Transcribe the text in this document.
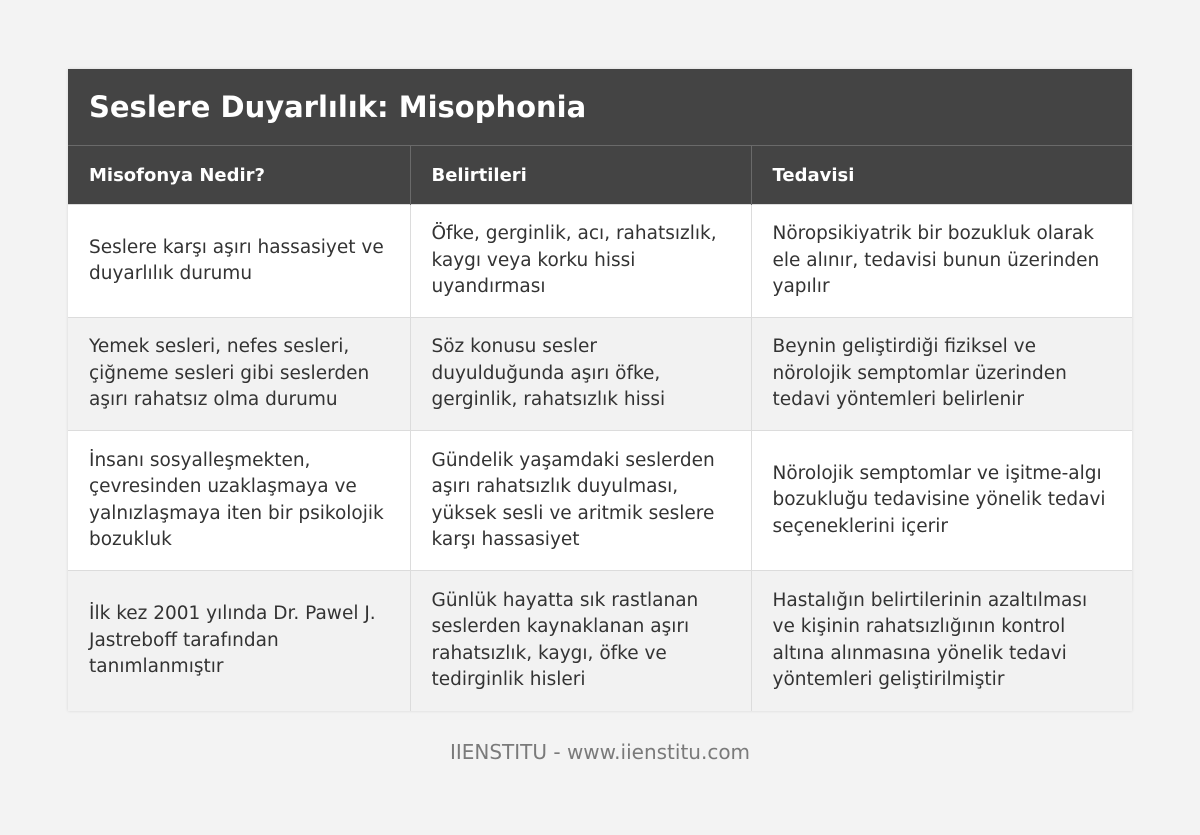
Seslere Duyarlılık: Misophonia
Misofonya Nedir?	Belirtileri	Tedavisi
Seslere karşı aşırı hassasiyet ve duyarlılık durumu	Öfke, gerginlik, acı, rahatsızlık, kaygı veya korku hissi uyandırması	Nöropsikiyatrik bir bozukluk olarak ele alınır, tedavisi bunun üzerinden yapılır
Yemek sesleri, nefes sesleri, çiğneme sesleri gibi seslerden aşırı rahatsız olma durumu	Söz konusu sesler duyulduğunda aşırı öfke, gerginlik, rahatsızlık hissi	Beynin geliştirdiği fiziksel ve nörolojik semptomlar üzerinden tedavi yöntemleri belirlenir
İnsanı sosyalleşmekten, çevresinden uzaklaşmaya ve yalnızlaşmaya iten bir psikolojik bozukluk	Gündelik yaşamdaki seslerden aşırı rahatsızlık duyulması, yüksek sesli ve aritmik seslere karşı hassasiyet	Nörolojik semptomlar ve işitme-algı bozukluğu tedavisine yönelik tedavi seçeneklerini içerir
İlk kez 2001 yılında Dr. Pawel J. Jastreboff tarafından tanımlanmıştır	Günlük hayatta sık rastlanan seslerden kaynaklanan aşırı rahatsızlık, kaygı, öfke ve tedirginlik hisleri	Hastalığın belirtilerinin azaltılması ve kişinin rahatsızlığının kontrol altına alınmasına yönelik tedavi yöntemleri geliştirilmiştir
IIENSTITU - www.iienstitu.com
